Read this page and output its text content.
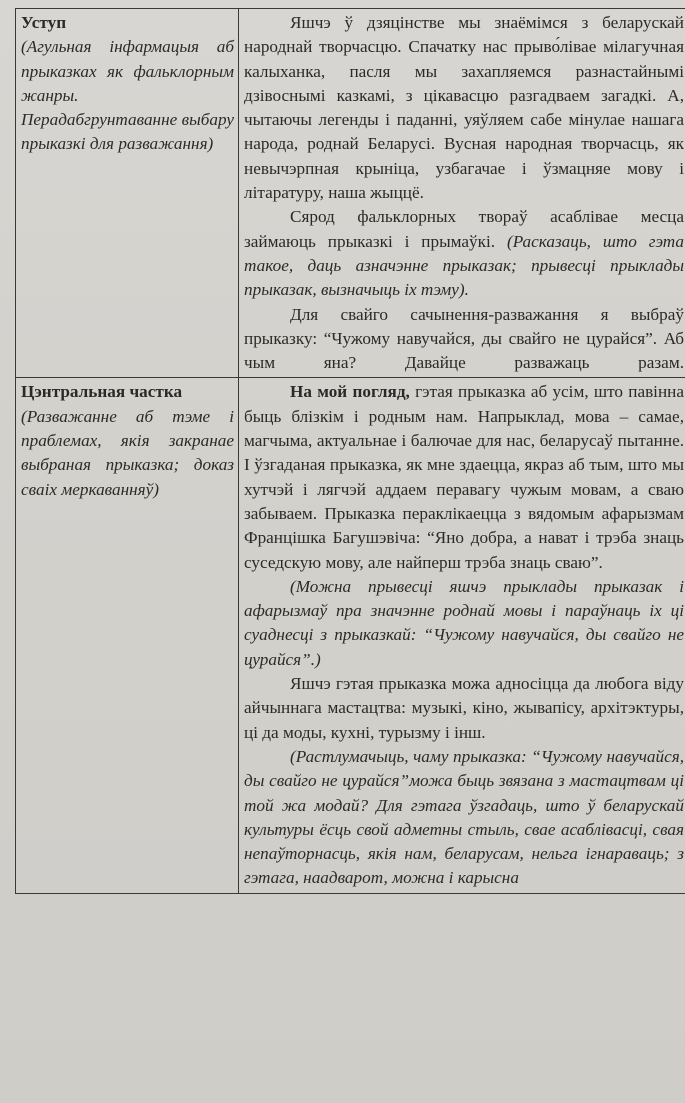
Уступ
(Агульная інфармацыя аб прыказках як фальклорным жанры. Перадабгрунтаванне выбару прыказкі для разважання)	Яшчэ ў дзяцінстве мы знаёмімся з беларускай народнай творчасцю. Спачатку нас прыво́лівае мілагучная калыханка, пасля мы захапляемся разнастайнымі дзівоснымі казкамі, з цікавасцю разгадваем загадкі. А, чытаючы легенды і паданні, уяўляем сабе мінулае нашага народа, роднай Беларусі. Вусная народная творчасць, як невычэрпная крыніца, узбагачае і ўзмацняе мову і літаратуру, наша жыццё.
Сярод фальклорных твораў асаблівае месца займаюць прыказкі і прымаўкі. (Расказаць, што гэта такое, даць азначэнне прыказак; прывесці прыклады прыказак, вызначыць іх тэму).
Для свайго сачынення-разважання я выбраў прыказку: “Чужому навучайся, ды свайго не цурайся”. Аб чым яна? Давайце разважаць разам.

Цэнтральная частка
(Разважанне аб тэме і праблемах, якія закранае выбраная прыказка; доказ сваіх меркаванняў)	На мой погляд, гэтая прыказка аб усім, што павінна быць блізкім і родным нам. Напрыклад, мова – самае, магчыма, актуальнае і балючае для нас, беларусаў пытанне. І ўзгаданая прыказка, як мне здаецца, якраз аб тым, што мы хутчэй і лягчэй аддаем перавагу чужым мовам, а сваю забываем. Прыказка пераклікаецца з вядомым афарызмам Францішка Багушэвіча: “Яно добра, а нават і трэба знаць суседскую мову, але найперш трэба знаць сваю”.
(Можна прывесці яшчэ прыклады прыказак і афарызмаў пра значэнне роднай мовы і параўнаць іх ці суаднесці з прыказкай: “Чужому навучайся, ды свайго не цурайся”.)
Яшчэ гэтая прыказка можа адносіцца да любога віду айчыннага мастацтва: музыкі, кіно, жывапісу, архітэктуры, ці да моды, кухні, турызму і інш.
(Растлумачыць, чаму прыказка: “Чужому навучайся, ды свайго не цурайся”можа быць звязана з мастацтвам ці той жа модай? Для гэтага ўзгадаць, што ў беларускай культуры ёсць свой адметны стыль, свае асаблівасці, свая непаўторнасць, якія нам, беларусам, нельга ігнараваць; з гэтага, наадварот, можна і карысна
